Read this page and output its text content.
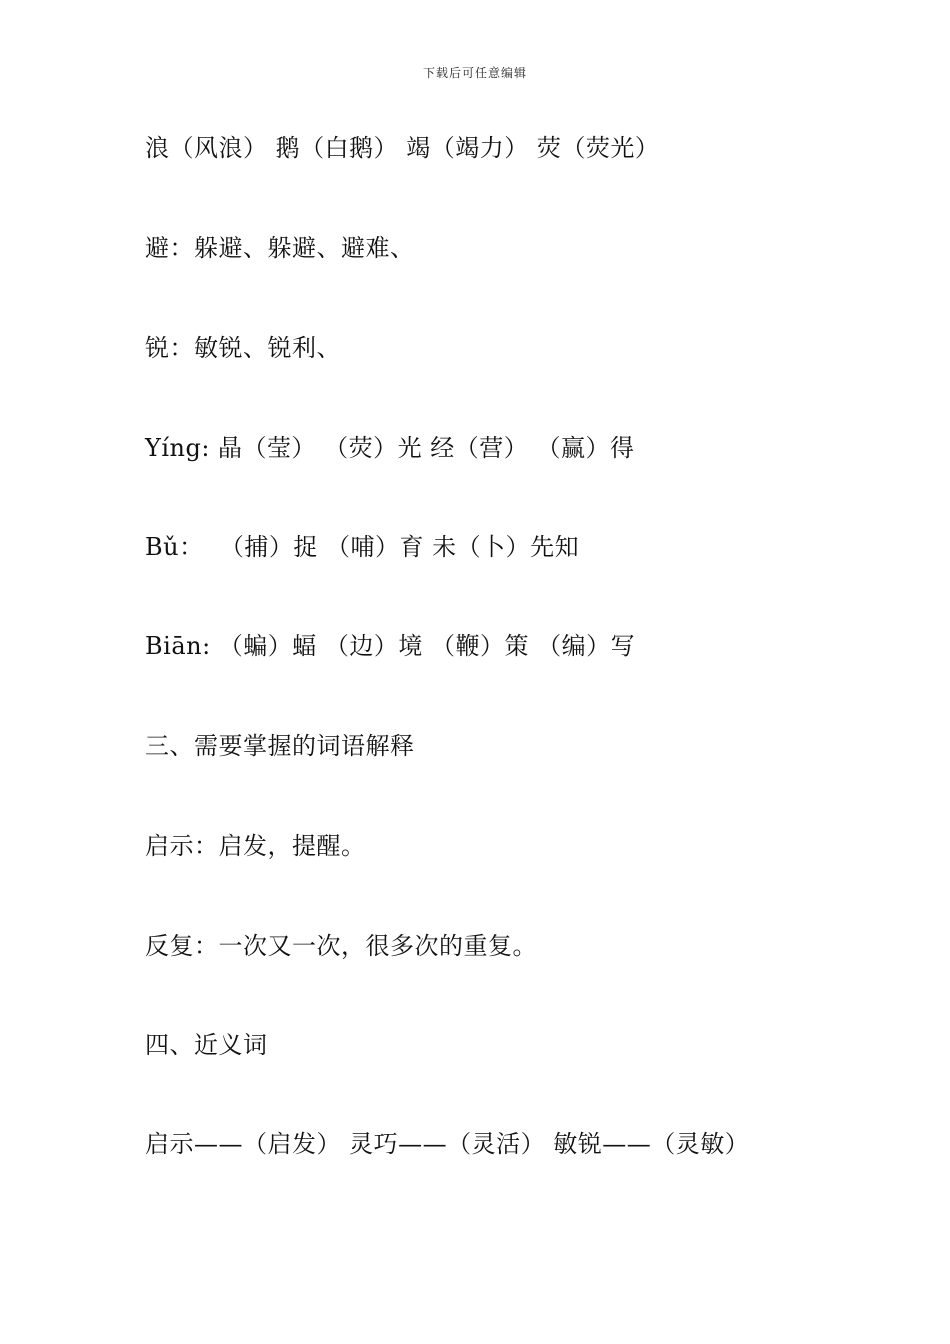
下载后可任意编辑
浪（风浪） 鹅（白鹅） 竭（竭力） 荧（荧光）
避：躲避、躲避、避难、
锐：敏锐、锐利、
Yíng: 晶（莹） （荧）光 经（营） （赢）得
Bǔ：  （捕）捉 （哺）育 未（卜）先知
Biān: （蝙）蝠 （边）境 （鞭）策 （编）写
三、需要掌握的词语解释
启示：启发，提醒。
反复：一次又一次，很多次的重复。
四、近义词
启示——（启发） 灵巧——（灵活） 敏锐——（灵敏）
